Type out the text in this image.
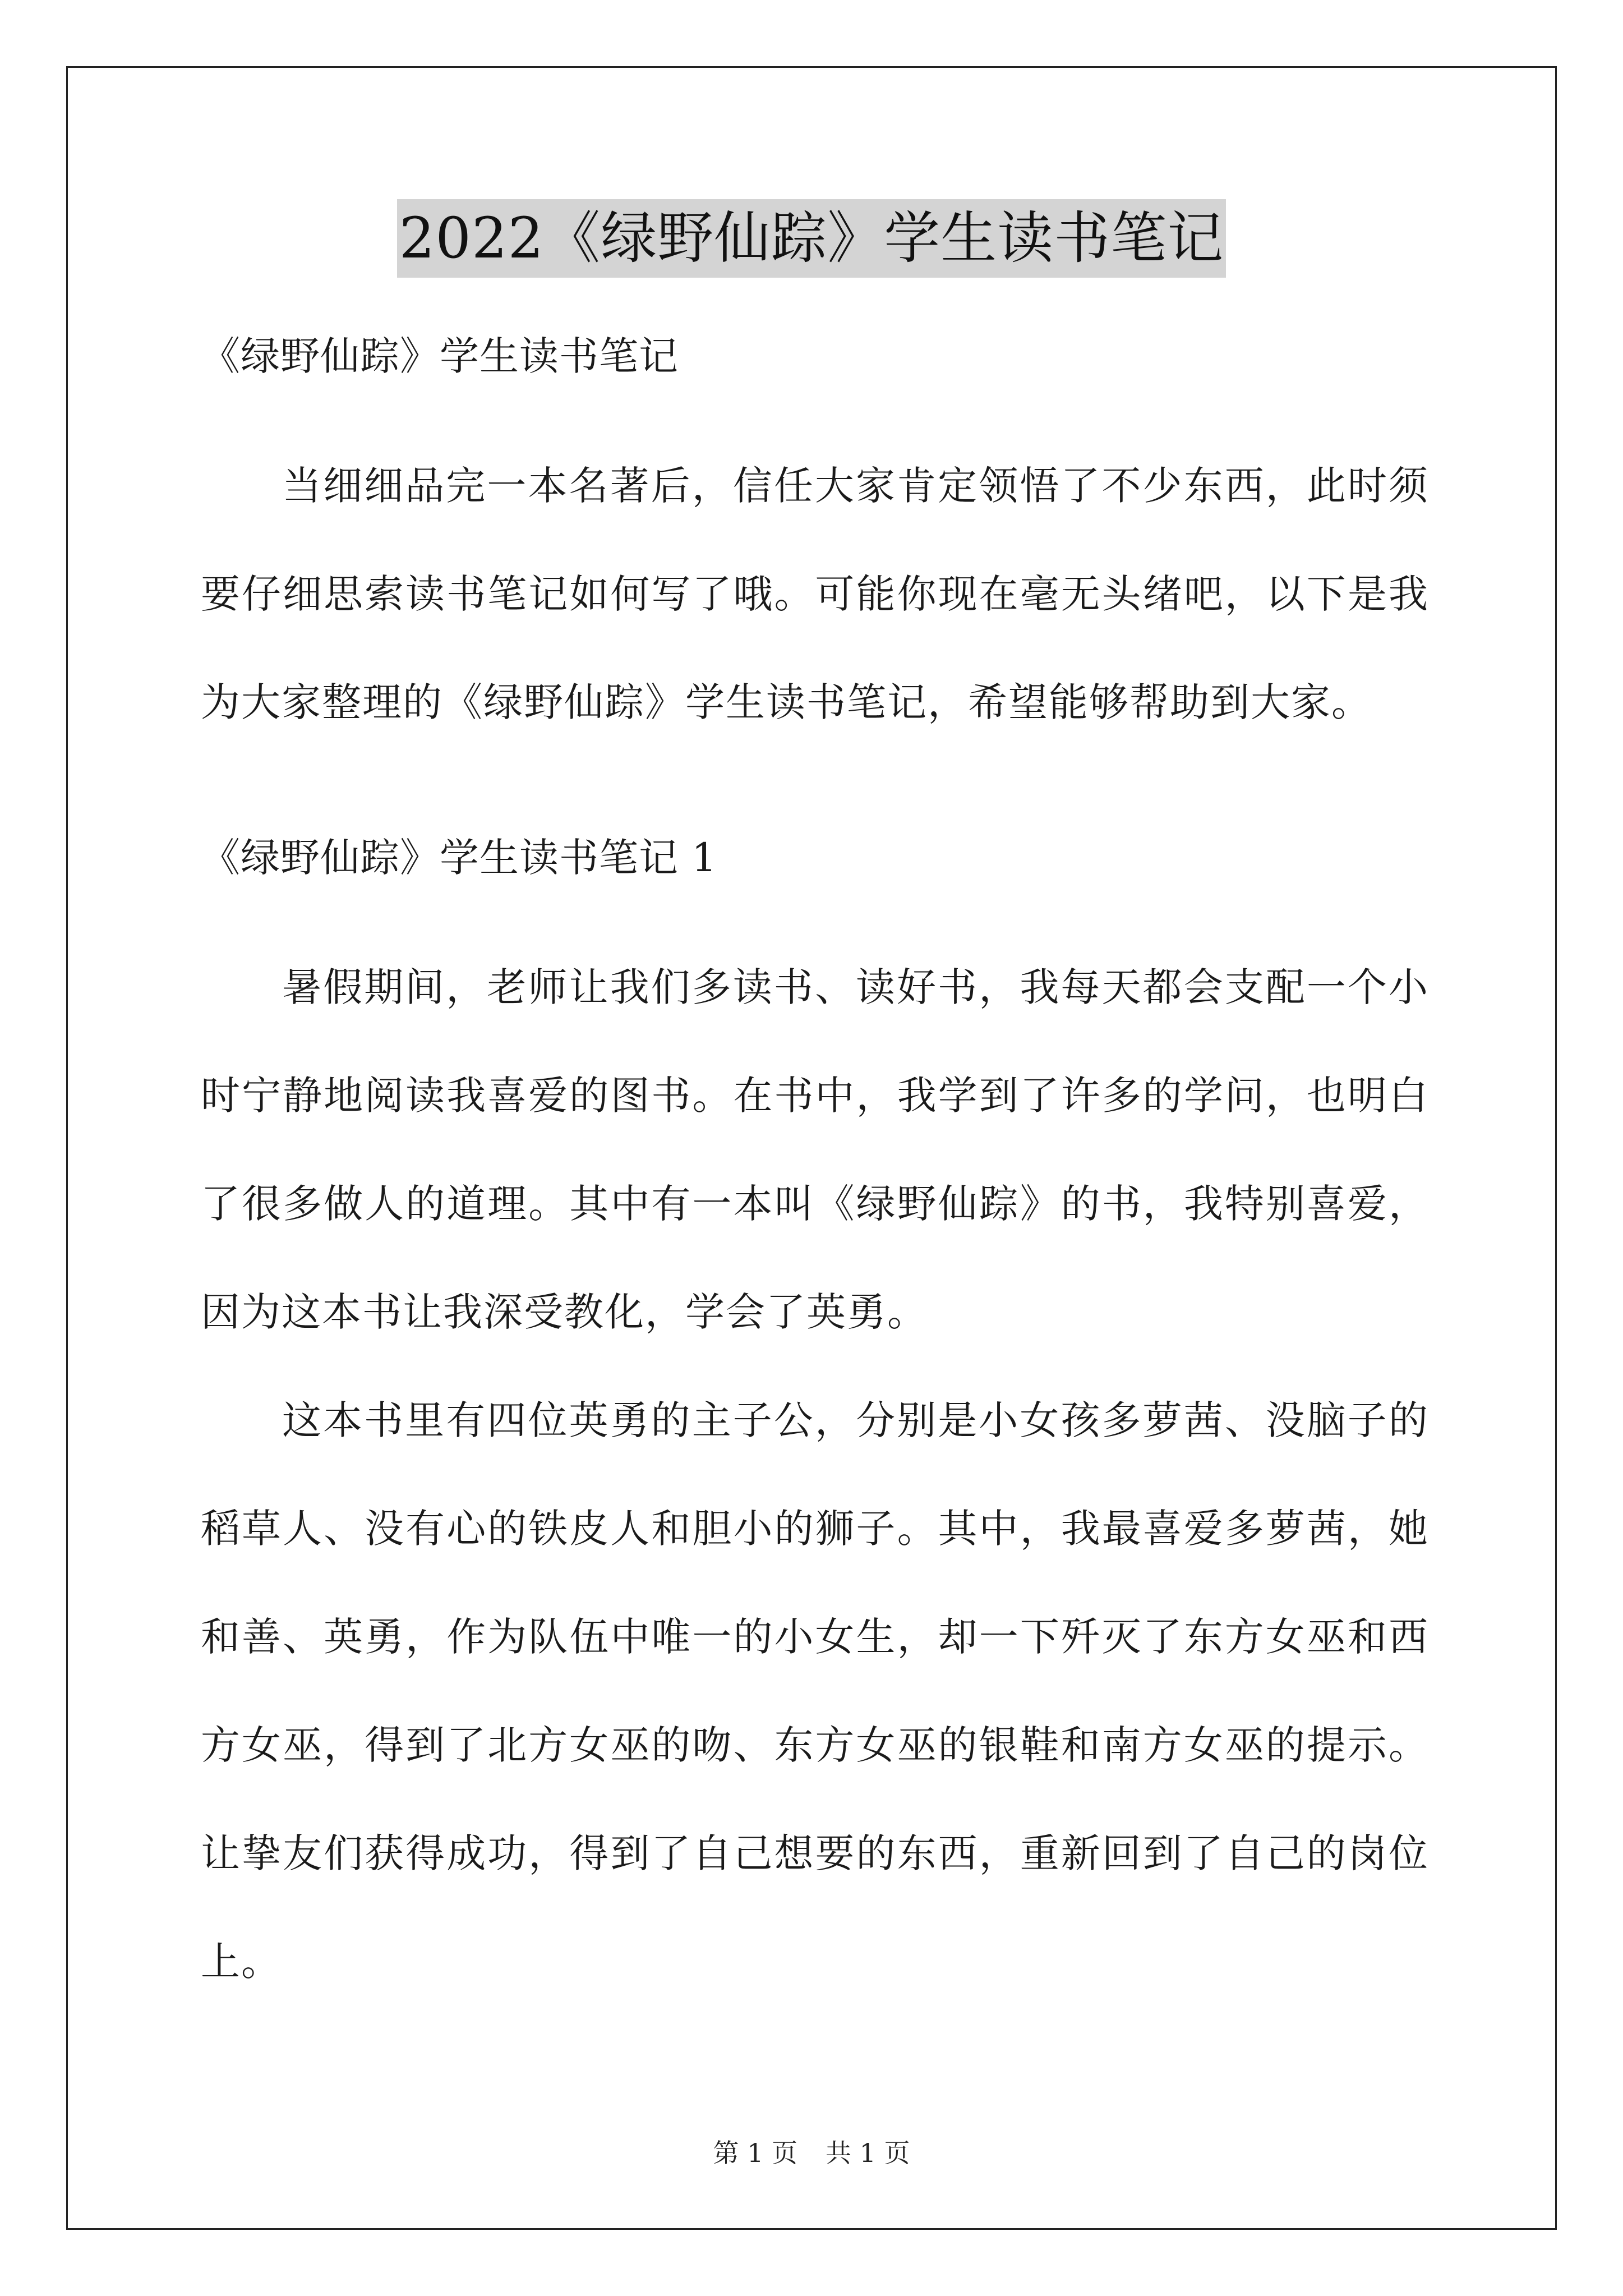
2022《绿野仙踪》学生读书笔记
《绿野仙踪》学生读书笔记

当细细品完一本名著后，信任大家肯定领悟了不少东西，此时须要仔细思索读书笔记如何写了哦。可能你现在毫无头绪吧，以下是我为大家整理的《绿野仙踪》学生读书笔记，希望能够帮助到大家。

《绿野仙踪》学生读书笔记 1

暑假期间，老师让我们多读书、读好书，我每天都会支配一个小时宁静地阅读我喜爱的图书。在书中，我学到了许多的学问，也明白了很多做人的道理。其中有一本叫《绿野仙踪》的书，我特别喜爱，因为这本书让我深受教化，学会了英勇。

这本书里有四位英勇的主子公，分别是小女孩多萝茜、没脑子的稻草人、没有心的铁皮人和胆小的狮子。其中，我最喜爱多萝茜，她和善、英勇，作为队伍中唯一的小女生，却一下歼灭了东方女巫和西方女巫，得到了北方女巫的吻、东方女巫的银鞋和南方女巫的提示。让挚友们获得成功，得到了自己想要的东西，重新回到了自己的岗位上。

第 1 页 共 1 页
